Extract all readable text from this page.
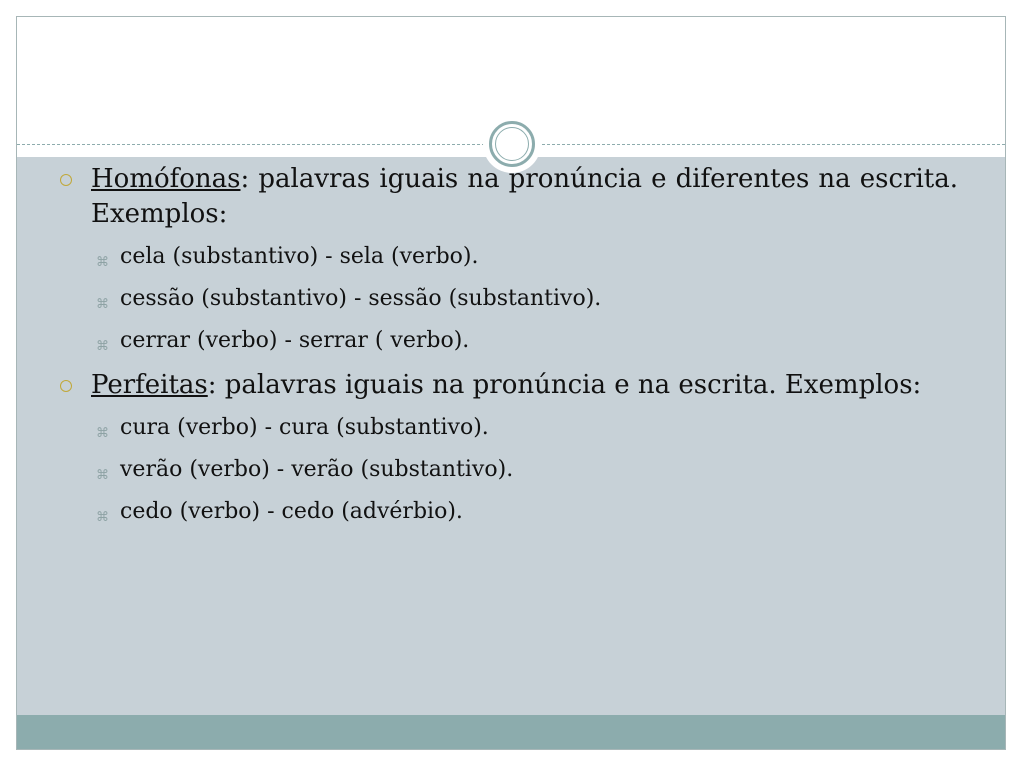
Homófonas: palavras iguais na pronúncia e diferentes na escrita. Exemplos:
⌘ cela (substantivo) - sela (verbo).
⌘ cessão (substantivo) - sessão (substantivo).
⌘ cerrar (verbo) - serrar ( verbo).
Perfeitas: palavras iguais na pronúncia e na escrita. Exemplos:
⌘ cura (verbo) - cura (substantivo).
⌘ verão (verbo) - verão (substantivo).
⌘ cedo (verbo) - cedo (advérbio).
